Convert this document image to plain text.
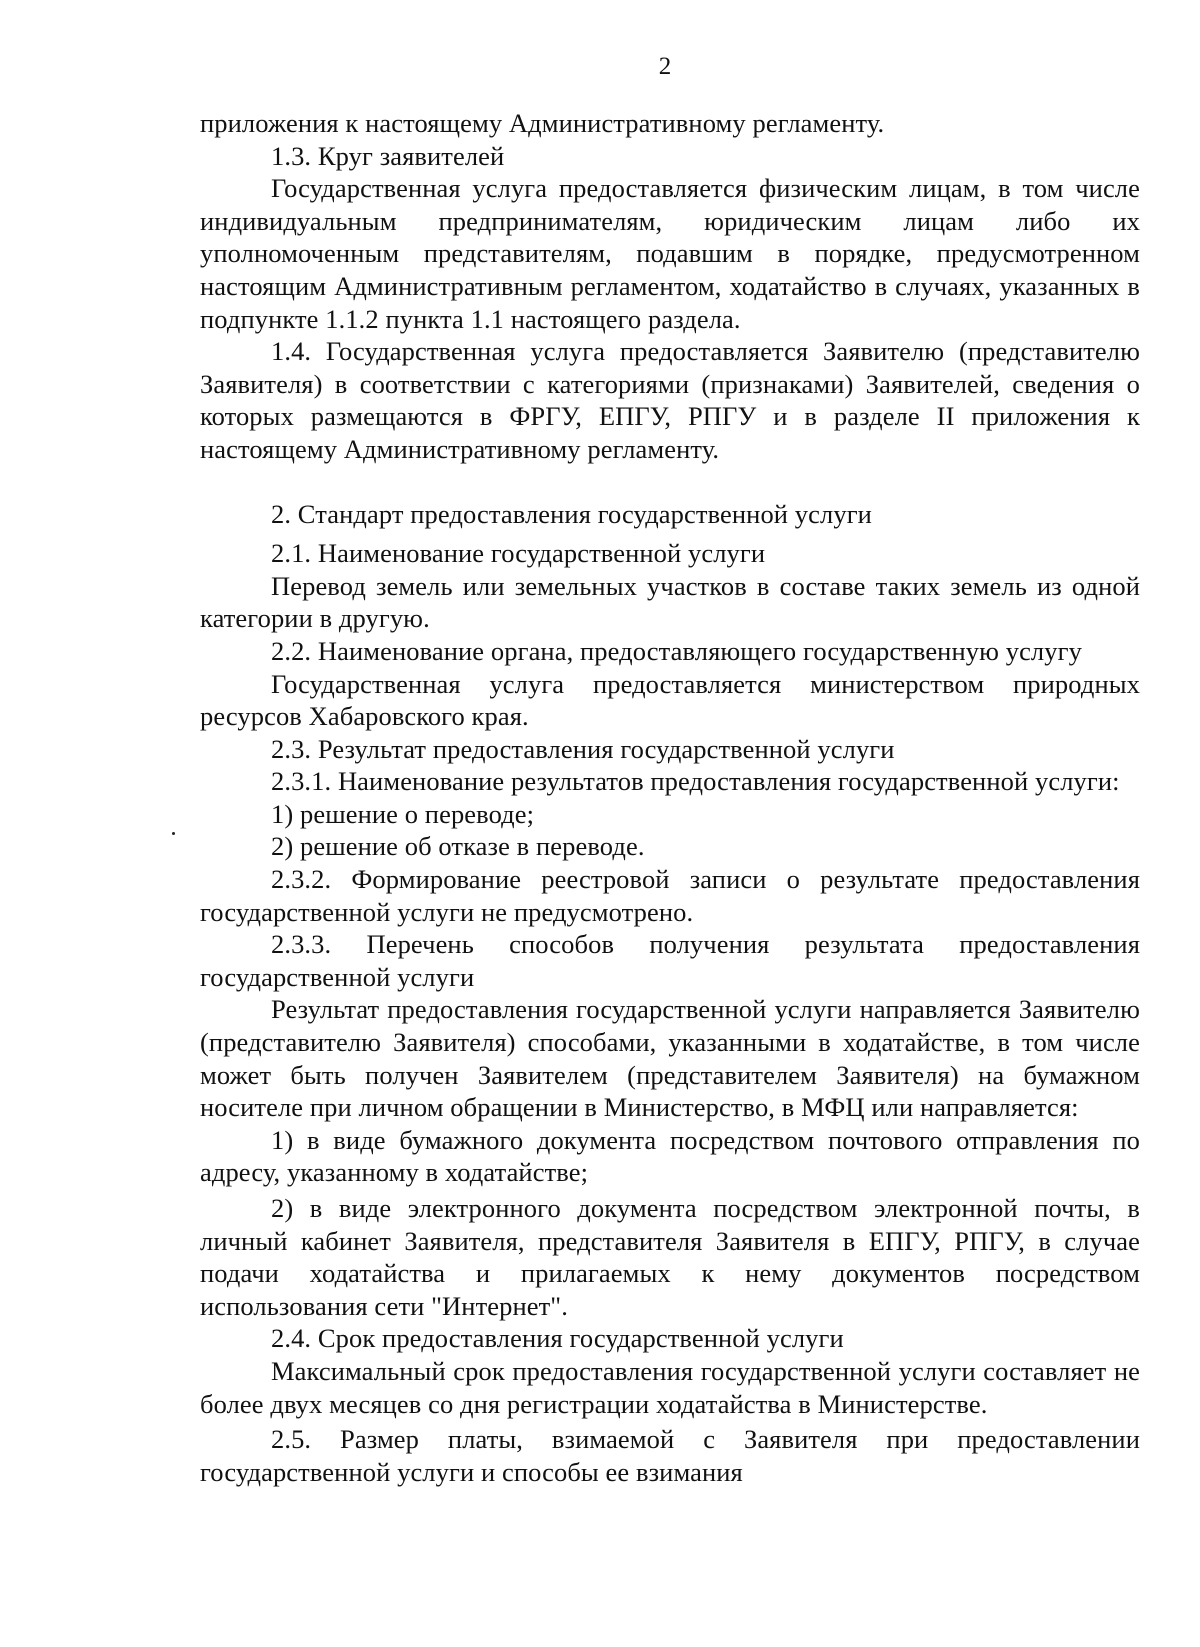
2

приложения к настоящему Административному регламенту.

1.3. Круг заявителей

Государственная услуга предоставляется физическим лицам, в том числе индивидуальным предпринимателям, юридическим лицам либо их уполномоченным представителям, подавшим в порядке, предусмотренном настоящим Административным регламентом, ходатайство в случаях, указанных в подпункте 1.1.2 пункта 1.1 настоящего раздела.

1.4. Государственная услуга предоставляется Заявителю (представителю Заявителя) в соответствии с категориями (признаками) Заявителей, сведения о которых размещаются в ФРГУ, ЕПГУ, РПГУ и в разделе II приложения к настоящему Административному регламенту.

2. Стандарт предоставления государственной услуги

2.1. Наименование государственной услуги

Перевод земель или земельных участков в составе таких земель из одной категории в другую.

2.2. Наименование органа, предоставляющего государственную услугу

Государственная услуга предоставляется министерством природных ресурсов Хабаровского края.

2.3. Результат предоставления государственной услуги

2.3.1. Наименование результатов предоставления государственной услуги:

1) решение о переводе;

2) решение об отказе в переводе.

2.3.2. Формирование реестровой записи о результате предоставления государственной услуги не предусмотрено.

2.3.3. Перечень способов получения результата предоставления государственной услуги

Результат предоставления государственной услуги направляется Заявителю (представителю Заявителя) способами, указанными в ходатайстве, в том числе может быть получен Заявителем (представителем Заявителя) на бумажном носителе при личном обращении в Министерство, в МФЦ или направляется:

1) в виде бумажного документа посредством почтового отправления по адресу, указанному в ходатайстве;

2) в виде электронного документа посредством электронной почты, в личный кабинет Заявителя, представителя Заявителя в ЕПГУ, РПГУ, в случае подачи ходатайства и прилагаемых к нему документов посредством использования сети "Интернет".

2.4. Срок предоставления государственной услуги

Максимальный срок предоставления государственной услуги составляет не более двух месяцев со дня регистрации ходатайства в Министерстве.

2.5. Размер платы, взимаемой с Заявителя при предоставлении государственной услуги и способы ее взимания
